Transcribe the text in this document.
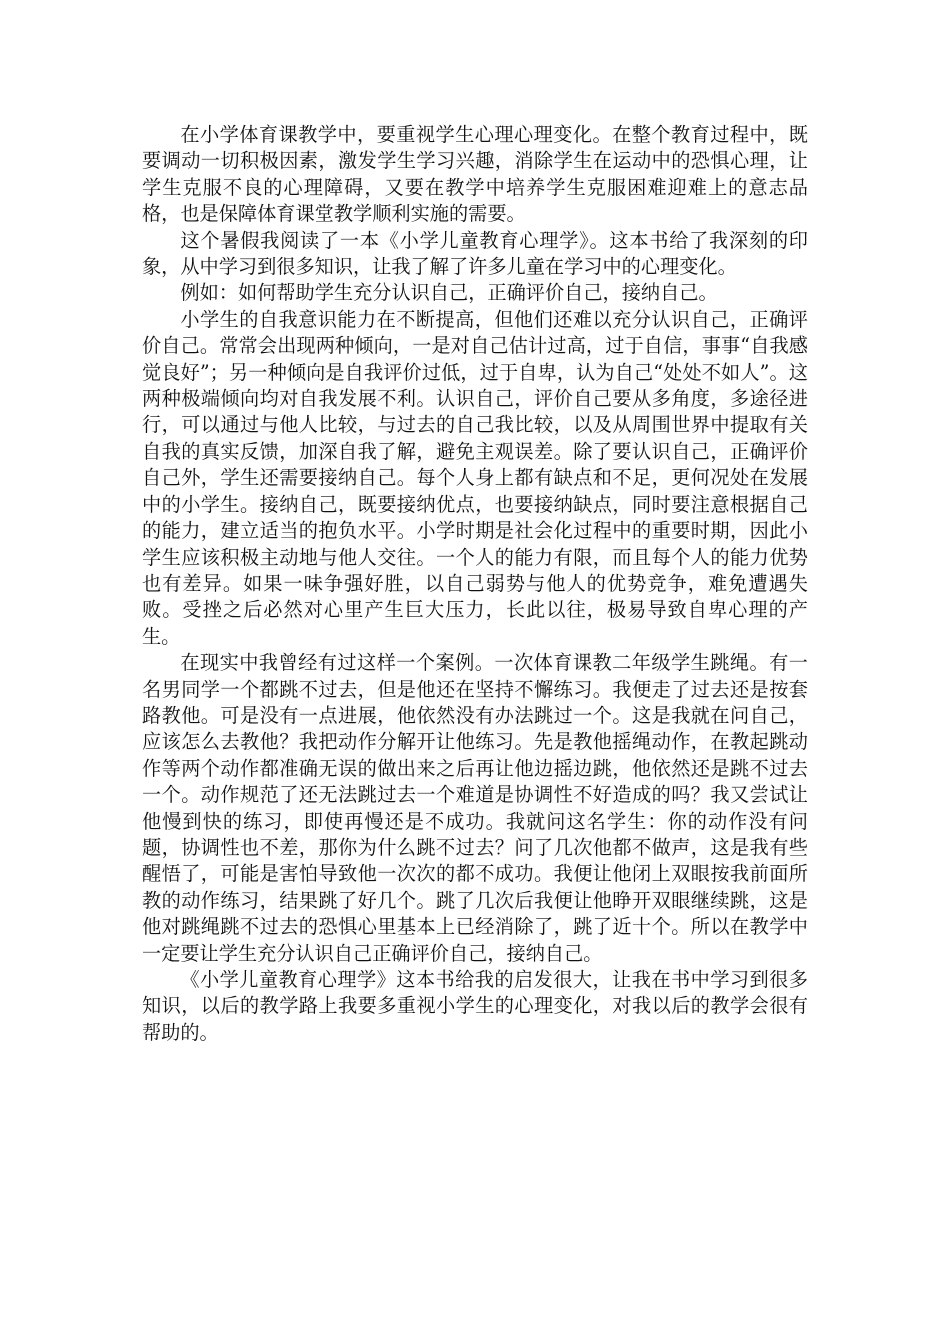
在小学体育课教学中，要重视学生心理心理变化。在整个教育过程中，既要调动一切积极因素，激发学生学习兴趣，消除学生在运动中的恐惧心理，让学生克服不良的心理障碍，又要在教学中培养学生克服困难迎难上的意志品格，也是保障体育课堂教学顺利实施的需要。

这个暑假我阅读了一本《小学儿童教育心理学》。这本书给了我深刻的印象，从中学习到很多知识，让我了解了许多儿童在学习中的心理变化。

例如：如何帮助学生充分认识自己，正确评价自己，接纳自己。

小学生的自我意识能力在不断提高，但他们还难以充分认识自己，正确评价自己。常常会出现两种倾向，一是对自己估计过高，过于自信，事事“自我感觉良好”；另一种倾向是自我评价过低，过于自卑，认为自己“处处不如人”。这两种极端倾向均对自我发展不利。认识自己，评价自己要从多角度，多途径进行，可以通过与他人比较，与过去的自己我比较，以及从周围世界中提取有关自我的真实反馈，加深自我了解，避免主观误差。除了要认识自己，正确评价自己外，学生还需要接纳自己。每个人身上都有缺点和不足，更何况处在发展中的小学生。接纳自己，既要接纳优点，也要接纳缺点，同时要注意根据自己的能力，建立适当的抱负水平。小学时期是社会化过程中的重要时期，因此小学生应该积极主动地与他人交往。一个人的能力有限，而且每个人的能力优势也有差异。如果一味争强好胜，以自己弱势与他人的优势竞争，难免遭遇失败。受挫之后必然对心里产生巨大压力，长此以往，极易导致自卑心理的产生。

在现实中我曾经有过这样一个案例。一次体育课教二年级学生跳绳。有一名男同学一个都跳不过去，但是他还在坚持不懈练习。我便走了过去还是按套路教他。可是没有一点进展，他依然没有办法跳过一个。这是我就在问自己，应该怎么去教他？我把动作分解开让他练习。先是教他摇绳动作，在教起跳动作等两个动作都准确无误的做出来之后再让他边摇边跳，他依然还是跳不过去一个。动作规范了还无法跳过去一个难道是协调性不好造成的吗？我又尝试让他慢到快的练习，即使再慢还是不成功。我就问这名学生：你的动作没有问题，协调性也不差，那你为什么跳不过去？问了几次他都不做声，这是我有些醒悟了，可能是害怕导致他一次次的都不成功。我便让他闭上双眼按我前面所教的动作练习，结果跳了好几个。跳了几次后我便让他睁开双眼继续跳，这是他对跳绳跳不过去的恐惧心里基本上已经消除了，跳了近十个。所以在教学中一定要让学生充分认识自己正确评价自己，接纳自己。

《小学儿童教育心理学》这本书给我的启发很大，让我在书中学习到很多知识，以后的教学路上我要多重视小学生的心理变化，对我以后的教学会很有帮助的。
